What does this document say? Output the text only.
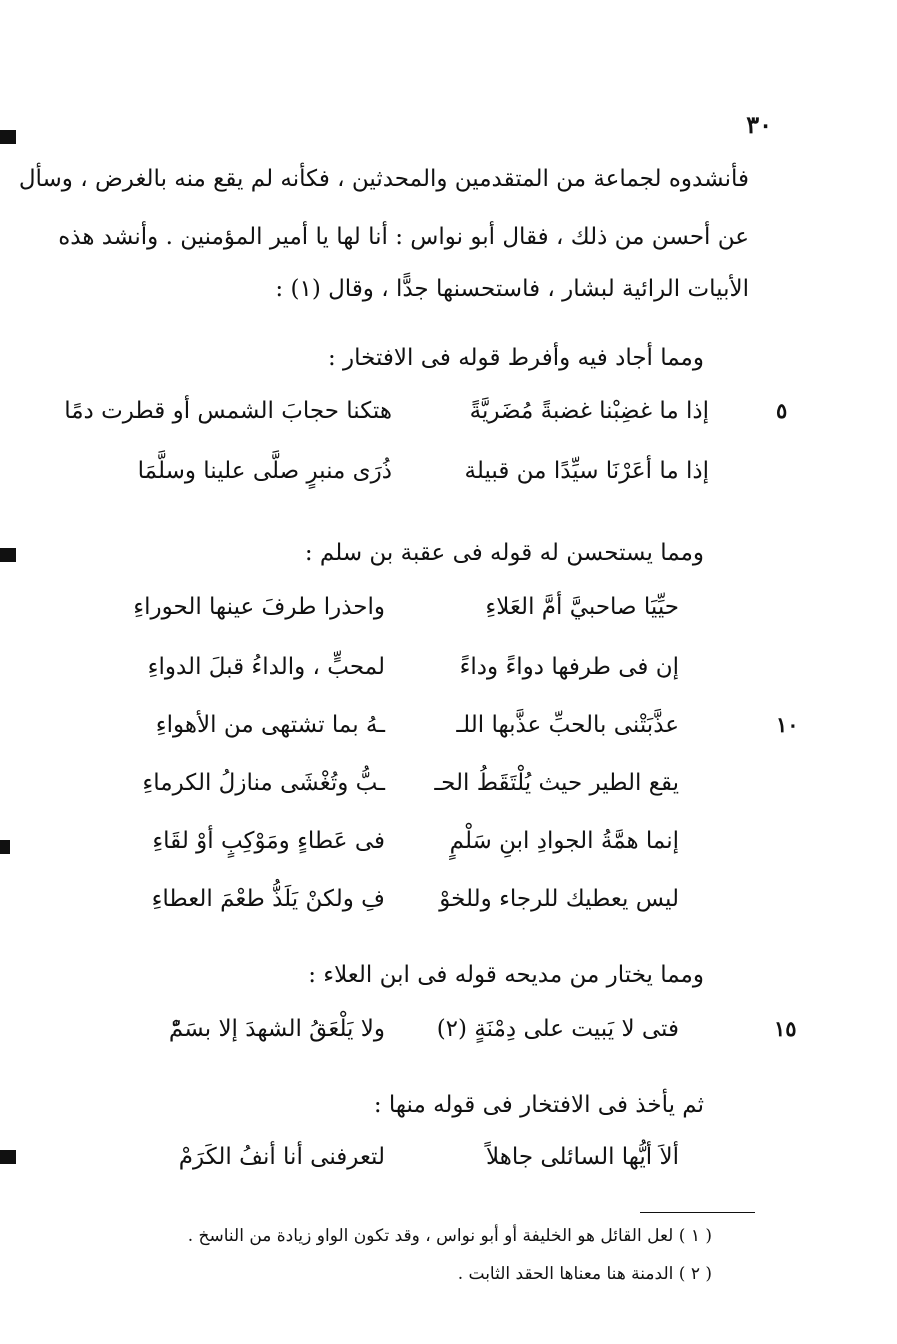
٣٠
فأنشدوه لجماعة من المتقدمين والمحدثين ، فكأنه لم يقع منه بالغرض ، وسأل
عن أحسن من ذلك ، فقال أبو نواس : أنا لها يا أمير المؤمنين . وأنشد هذه
الأبيات الرائية لبشار ، فاستحسنها جدًّا ، وقال (١) :
ومما أجاد فيه وأفرط قوله فى الافتخار :
إذا ما غضِبْنا غضبةً مُضَريَّةً
هتكنا حجابَ الشمس أو قطرت دمًا	٥
إذا ما أعَرْنَا سيِّدًا من قبيلة
ذُرَى منبرٍ صلَّى علينا وسلَّمَا
ومما يستحسن له قوله فى عقبة بن سلم :
حيِّيَا صاحبيَّ أمَّ العَلاءِ
واحذرا طرفَ عينها الحوراءِ
إن فى طرفها دواءً وداءً
لمحبٍّ ، والداءُ قبلَ الدواءِ
عذَّبَتْنى بالحبِّ عذَّبها اللـ
ـهُ بما تشتهى من الأهواءِ	١٠
يقع الطير حيث يُلْتَقَطُ الحـ
ـبُّ وتُغْشَى منازلُ الكرماءِ
إنما همَّةُ الجوادِ ابنِ سَلْمٍ
فى عَطاءٍ ومَوْكِبٍ أوْ لقَاءِ
ليس يعطيك للرجاء وللخوْ
فِ ولكنْ يَلَذُّ طعْمَ العطاءِ
ومما يختار من مديحه قوله فى ابن العلاء :
فتى لا يَبيت على دِمْنَةٍ (٢)
ولا يَلْعَقُ الشهدَ إلا بسَمّْ	١٥
ثم يأخذ فى الافتخار فى قوله منها :
ألاَ أيُّها السائلى جاهلاً
لتعرفنى أنا أنفُ الكَرَمْ
( ١ ) لعل القائل هو الخليفة أو أبو نواس ، وقد تكون الواو زيادة من الناسخ .
( ٢ ) الدمنة هنا معناها الحقد الثابت .
